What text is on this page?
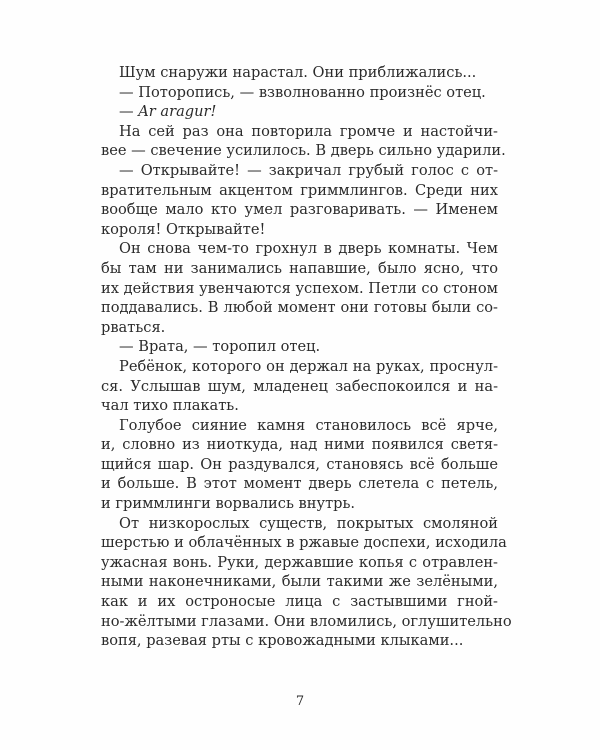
Шум снаружи нарастал. Они приближались...
— Поторопись, — взволнованно произнёс отец.
— Ar aragur!
На сей раз она повторила громче и настойчи-
вее — свечение усилилось. В дверь сильно ударили.
— Открывайте! — закричал грубый голос с от-
вратительным акцентом гриммлингов. Среди них
вообще мало кто умел разговаривать. — Именем
короля! Открывайте!
Он снова чем-то грохнул в дверь комнаты. Чем
бы там ни занимались напавшие, было ясно, что
их действия увенчаются успехом. Петли со стоном
поддавались. В любой момент они готовы были со-
рваться.
— Врата, — торопил отец.
Ребёнок, которого он держал на руках, проснул-
ся. Услышав шум, младенец забеспокоился и на-
чал тихо плакать.
Голубое сияние камня становилось всё ярче,
и, словно из ниоткуда, над ними появился светя-
щийся шар. Он раздувался, становясь всё больше
и больше. В этот момент дверь слетела с петель,
и гриммлинги ворвались внутрь.
От низкорослых существ, покрытых смоляной
шерстью и облачённых в ржавые доспехи, исходила
ужасная вонь. Руки, державшие копья с отравлен-
ными наконечниками, были такими же зелёными,
как и их остроносые лица с застывшими гной-
но-жёлтыми глазами. Они вломились, оглушительно
вопя, разевая рты с кровожадными клыками...
7
